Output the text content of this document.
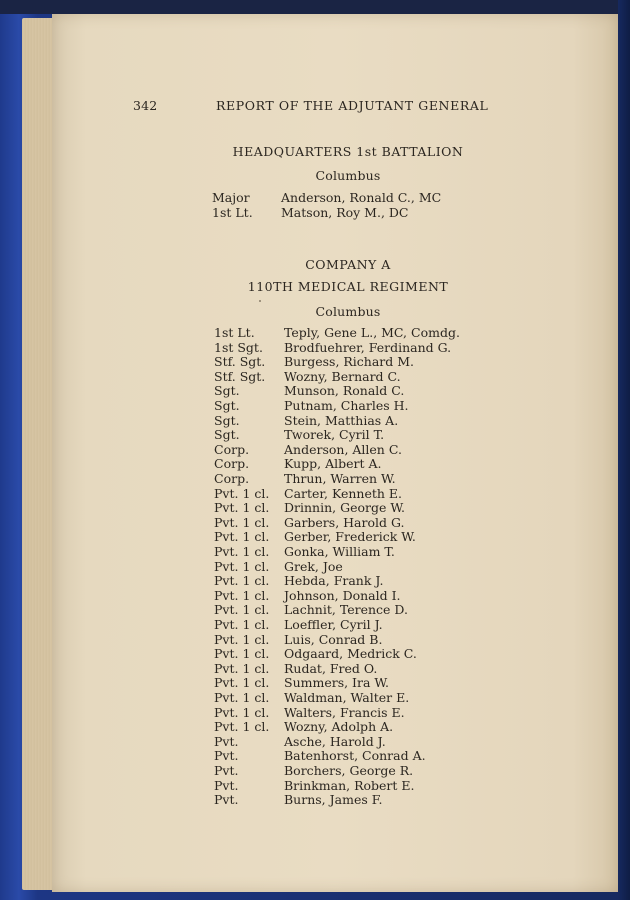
342	REPORT OF THE ADJUTANT GENERAL
HEADQUARTERS 1st BATTALION
Columbus
Major	Anderson, Ronald C., MC
1st Lt. Matson, Roy M., DC
COMPANY A
110TH MEDICAL REGIMENT
Columbus
1st Lt. Teply, Gene L., MC, Comdg.
1st Sgt. Brodfuehrer, Ferdinand G.
Stf. Sgt. Burgess, Richard M.
Stf. Sgt. Wozny, Bernard C.
Sgt.	Munson, Ronald C.
Sgt.	Putnam, Charles H.
Sgt.	Stein, Matthias A.
Sgt.	Tworek, Cyril T.
Corp.	Anderson, Allen C.
Corp.	Kupp, Albert A.
Corp.	Thrun, Warren W.
Pvt. 1 cl. Carter, Kenneth E.
Pvt. 1 cl. Drinnin, George W.
Pvt. 1 cl. Garbers, Harold G.
Pvt. 1 cl. Gerber, Frederick W.
Pvt. 1 cl. Gonka, William T.
Pvt. 1 cl. Grek, Joe
Pvt. 1 cl. Hebda, Frank J.
Pvt. 1 cl. Johnson, Donald I.
Pvt. 1 cl. Lachnit, Terence D.
Pvt. 1 cl. Loeffler, Cyril J.
Pvt. 1 cl. Luis, Conrad B.
Pvt. 1 cl. Odgaard, Medrick C.
Pvt. 1 cl. Rudat, Fred O.
Pvt. 1 cl. Summers, Ira W.
Pvt. 1 cl. Waldman, Walter E.
Pvt. 1 cl. Walters, Francis E.
Pvt. 1 cl. Wozny, Adolph A.
Pvt.	Asche, Harold J.
Pvt.	Batenhorst, Conrad A.
Pvt.	Borchers, George R.
Pvt.	Brinkman, Robert E.
Pvt.	Burns, James F.
